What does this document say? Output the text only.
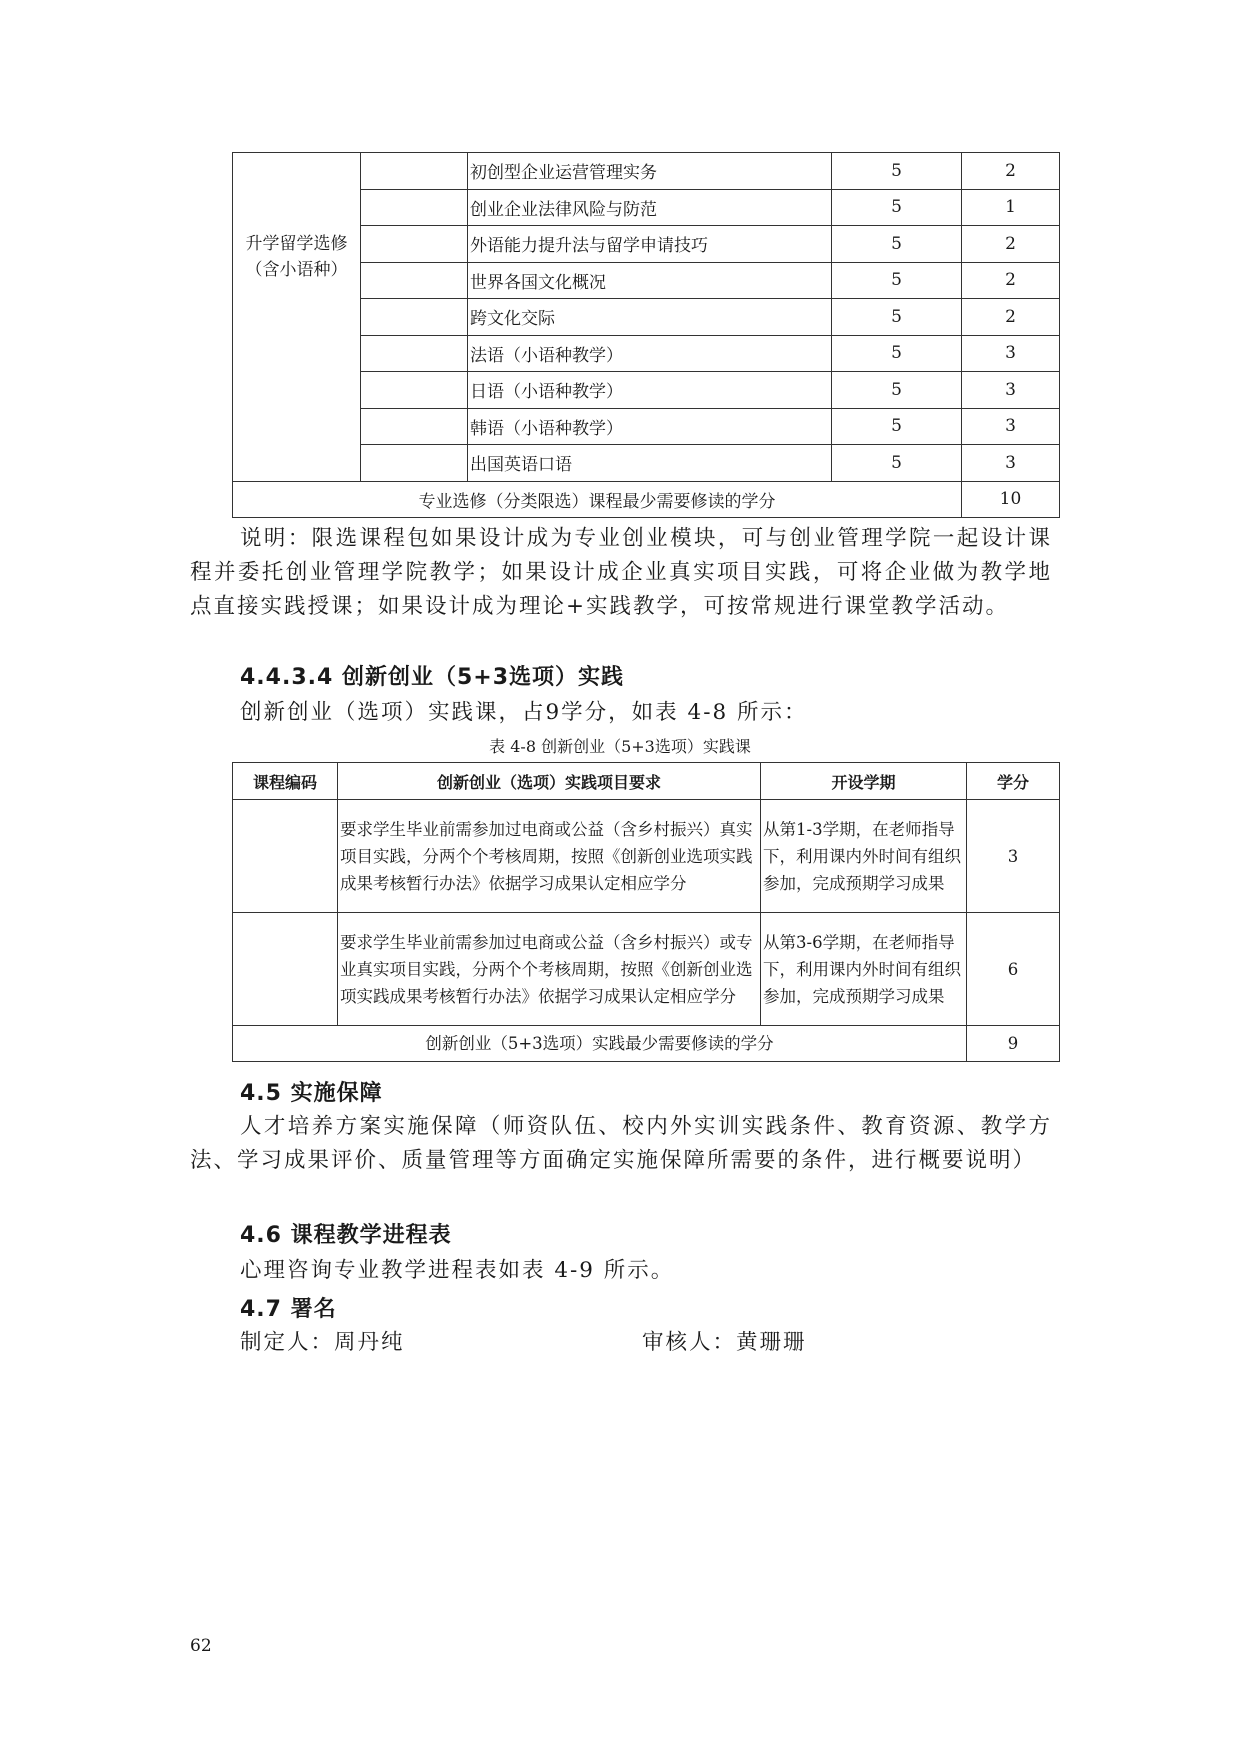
升学留学选修
（含小语种）		初创型企业运营管理实务	5	2
		创业企业法律风险与防范	5	1
		外语能力提升法与留学申请技巧	5	2
		世界各国文化概况	5	2
		跨文化交际	5	2
		法语（小语种教学）	5	3
		日语（小语种教学）	5	3
		韩语（小语种教学）	5	3
		出国英语口语	5	3
专业选修（分类限选）课程最少需要修读的学分				10
说明：限选课程包如果设计成为专业创业模块，可与创业管理学院一起设计课程并委托创业管理学院教学；如果设计成企业真实项目实践，可将企业做为教学地点直接实践授课；如果设计成为理论+实践教学，可按常规进行课堂教学活动。
4.4.3.4 创新创业（5+3选项）实践
创新创业（选项）实践课，占9学分，如表 4-8 所示：
表 4-8 创新创业（5+3选项）实践课
课程编码	创新创业（选项）实践项目要求	开设学期	学分
	要求学生毕业前需参加过电商或公益（含乡村振兴）真实项目实践，分两个个考核周期，按照《创新创业选项实践成果考核暂行办法》依据学习成果认定相应学分	从第1-3学期，在老师指导下，利用课内外时间有组织参加，完成预期学习成果	3
	要求学生毕业前需参加过电商或公益（含乡村振兴）或专业真实项目实践，分两个个考核周期，按照《创新创业选项实践成果考核暂行办法》依据学习成果认定相应学分	从第3-6学期，在老师指导下，利用课内外时间有组织参加，完成预期学习成果	6
创新创业（5+3选项）实践最少需要修读的学分			9
4.5 实施保障
人才培养方案实施保障（师资队伍、校内外实训实践条件、教育资源、教学方法、学习成果评价、质量管理等方面确定实施保障所需要的条件，进行概要说明）
4.6 课程教学进程表
心理咨询专业教学进程表如表 4-9 所示。
4.7 署名
制定人：周丹纯	审核人：黄珊珊
62
